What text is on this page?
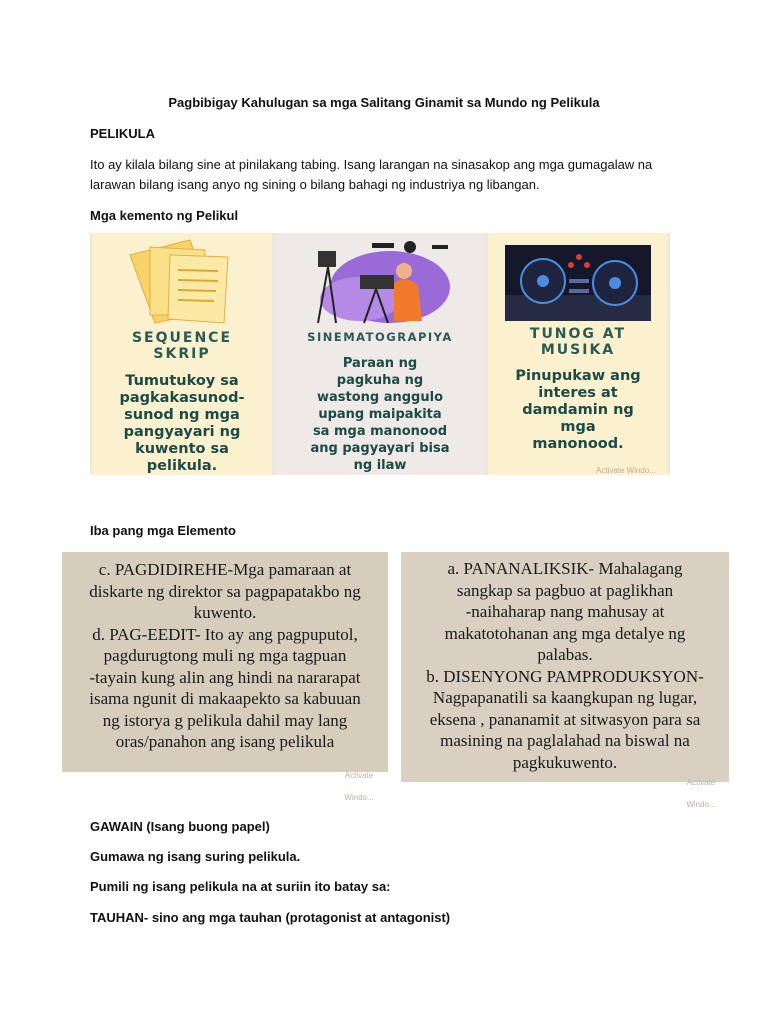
Pagbibigay Kahulugan sa mga Salitang Ginamit sa Mundo ng Pelikula
PELIKULA
Ito ay kilala bilang sine at pinilakang tabing. Isang larangan na sinasakop ang mga gumagalaw na
larawan bilang isang anyo ng sining o bilang bahagi ng industriya ng libangan.
Mga kemento ng Pelikul
SEQUENCE
SKRIP
Tumutukoy sa
pagkakasunod-
sunod ng mga
pangyayari ng
kuwento sa
pelikula.
SINEMATOGRAPIYA
Paraan ng
pagkuha ng
wastong anggulo
upang maipakita
sa mga manonood
ang pagyayari bisa
ng ilaw
TUNOG AT
MUSIKA
Pinupukaw ang
interes at
damdamin ng
mga
manonood.
Activate Windo...
Iba pang mga Elemento
c. PAGDIDIREHE-Mga pamaraan at
diskarte ng direktor sa pagpapatakbo ng
kuwento.
d. PAG-EEDIT- Ito ay ang pagpuputol,
pagdurugtong muli ng mga tagpuan
-tayain kung alin ang hindi na nararapat
isama ngunit di makaapekto sa kabuuan
ng istorya g pelikula dahil may lang
oras/panahon ang isang pelikula
Activate Windo...
a. PANANALIKSIK- Mahalagang
sangkap sa pagbuo at paglikhan
-naihaharap nang mahusay at
makatotohanan ang mga detalye ng
palabas.
b. DISENYONG PAMPRODUKSYON-
Nagpapanatili sa kaangkupan ng lugar,
eksena , pananamit at sitwasyon para sa
masining na paglalahad na biswal na
pagkukuwento.
Activate Windo...
GAWAIN (Isang buong papel)
Gumawa ng isang suring pelikula.
Pumili ng isang pelikula na at suriin ito batay sa:
TAUHAN- sino ang mga tauhan (protagonist at antagonist)
